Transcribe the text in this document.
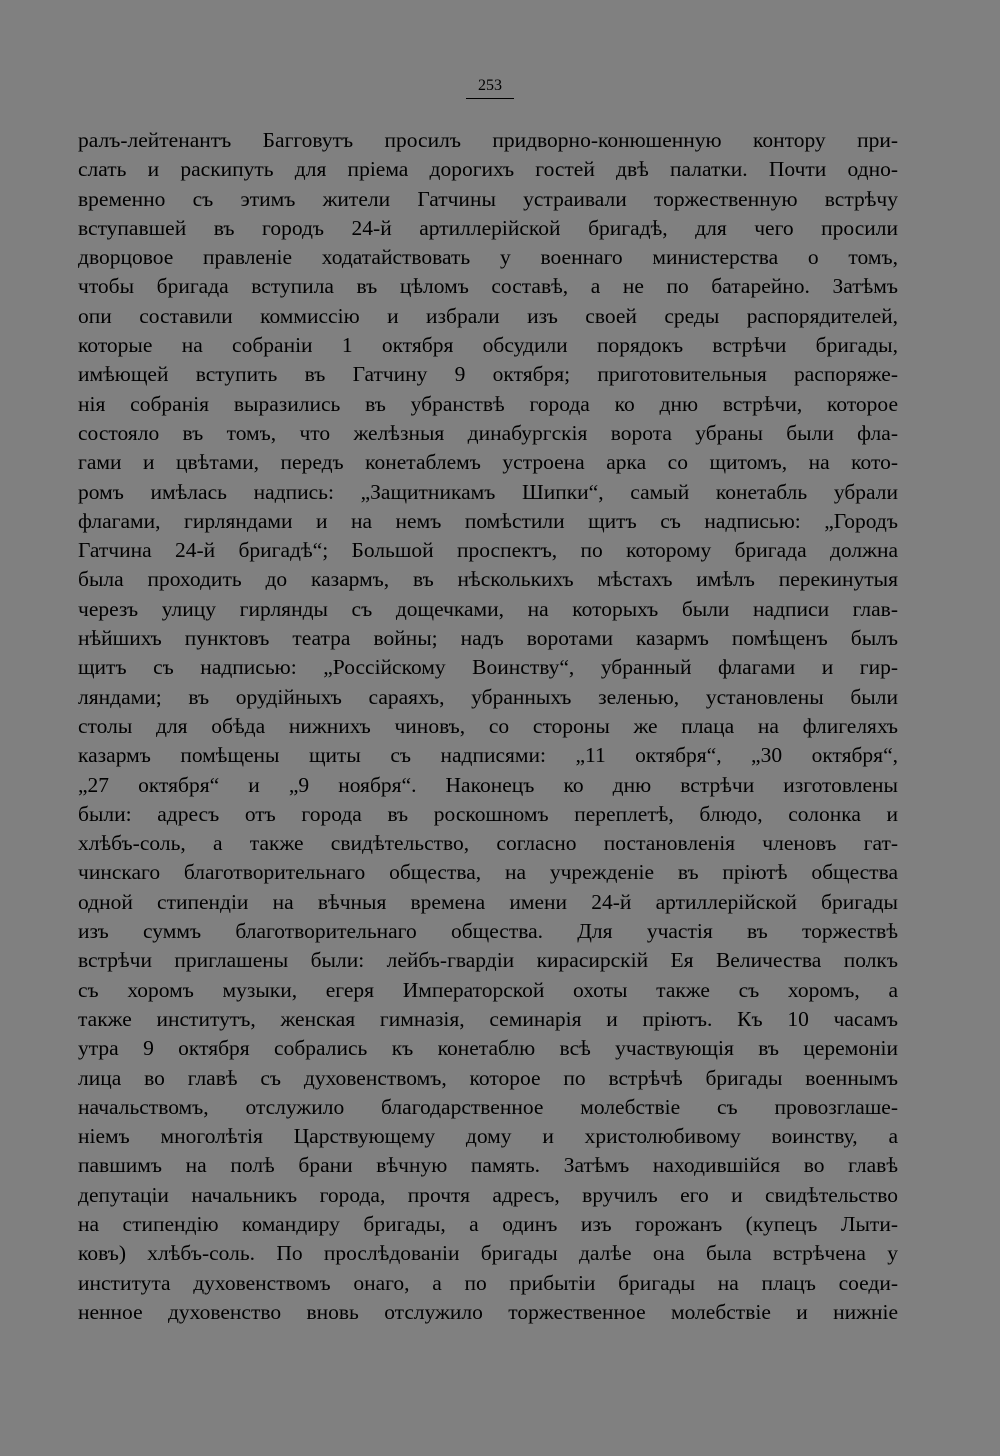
253
ралъ-лейтенантъ Багговутъ просилъ придворно-конюшенную контору при-
слать и раскипуть для пріема дорогихъ гостей двѣ палатки. Почти одно-
временно съ этимъ жители Гатчины устраивали торжественную встрѣчу
вступавшей въ городъ 24-й артиллерійской бригадѣ, для чего просили
дворцовое правленіе ходатайствовать у военнаго министерства о томъ,
чтобы бригада вступила въ цѣломъ составѣ, а не по батарейно. Затѣмъ
опи составили коммиссію и избрали изъ своей среды распорядителей,
которые на собраніи 1 октября обсудили порядокъ встрѣчи бригады,
имѣющей вступить въ Гатчину 9 октября; приготовительныя распоряже-
нія собранія выразились въ убранствѣ города ко дню встрѣчи, которое
состояло въ томъ, что желѣзныя динабургскія ворота убраны были фла-
гами и цвѣтами, передъ конетаблемъ устроена арка со щитомъ, на кото-
ромъ имѣлась надпись: „Защитникамъ Шипки“, самый конетабль убрали
флагами, гирляндами и на немъ помѣстили щитъ съ надписью: „Городъ
Гатчина 24-й бригадѣ“; Большой проспектъ, по которому бригада должна
была проходить до казармъ, въ нѣсколькихъ мѣстахъ имѣлъ перекинутыя
черезъ улицу гирлянды съ дощечками, на которыхъ были надписи глав-
нѣйшихъ пунктовъ театра войны; надъ воротами казармъ помѣщенъ былъ
щитъ съ надписью: „Россійскому Воинству“, убранный флагами и гир-
ляндами; въ орудійныхъ сараяхъ, убранныхъ зеленью, установлены были
столы для обѣда нижнихъ чиновъ, со стороны же плаца на флигеляхъ
казармъ помѣщены щиты съ надписями: „11 октября“, „30 октября“,
„27 октября“ и „9 ноября“. Наконецъ ко дню встрѣчи изготовлены
были: адресъ отъ города въ роскошномъ переплетѣ, блюдо, солонка и
хлѣбъ-соль, а также свидѣтельство, согласно постановленія членовъ гат-
чинскаго благотворительнаго общества, на учрежденіе въ пріютѣ общества
одной стипендіи на вѣчныя времена имени 24-й артиллерійской бригады
изъ суммъ благотворительнаго общества. Для участія въ торжествѣ
встрѣчи приглашены были: лейбъ-гвардіи кирасирскій Ея Величества полкъ
съ хоромъ музыки, егеря Императорской охоты также съ хоромъ, а
также институтъ, женская гимназія, семинарія и пріютъ. Къ 10 часамъ
утра 9 октября собрались къ конетаблю всѣ участвующія въ церемоніи
лица во главѣ съ духовенствомъ, которое по встрѣчѣ бригады военнымъ
начальствомъ, отслужило благодарственное молебствіе съ провозглаше-
ніемъ многолѣтія Царствующему дому и христолюбивому воинству, а
павшимъ на полѣ брани вѣчную память. Затѣмъ находившійся во главѣ
депутаціи начальникъ города, прочтя адресъ, вручилъ его и свидѣтельство
на стипендію командиру бригады, а одинъ изъ горожанъ (купецъ Лыти-
ковъ) хлѣбъ-соль. По прослѣдованіи бригады далѣе она была встрѣчена у
института духовенствомъ онаго, а по прибытіи бригады на плацъ соеди-
ненное духовенство вновь отслужило торжественное молебствіе и нижніе
